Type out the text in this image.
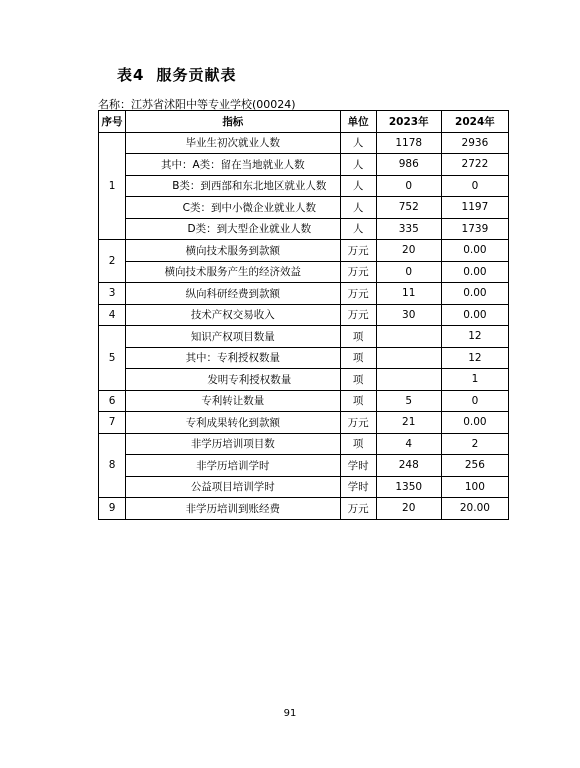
表4 服务贡献表
名称：江苏省沭阳中等专业学校(00024)
序号	指标	单位	2023年	2024年
1	毕业生初次就业人数	人	1178	2936
	其中：A类：留在当地就业人数	人	986	2722
	B类：到西部和东北地区就业人数	人	0	0
	C类：到中小微企业就业人数	人	752	1197
	D类：到大型企业就业人数	人	335	1739
2	横向技术服务到款额	万元	20	0.00
	横向技术服务产生的经济效益	万元	0	0.00
3	纵向科研经费到款额	万元	11	0.00
4	技术产权交易收入	万元	30	0.00
5	知识产权项目数量	项		12
	其中：专利授权数量	项		12
	发明专利授权数量	项		1
6	专利转让数量	项	5	0
7	专利成果转化到款额	万元	21	0.00
8	非学历培训项目数	项	4	2
	非学历培训学时	学时	248	256
	公益项目培训学时	学时	1350	100
9	非学历培训到账经费	万元	20	20.00
91
